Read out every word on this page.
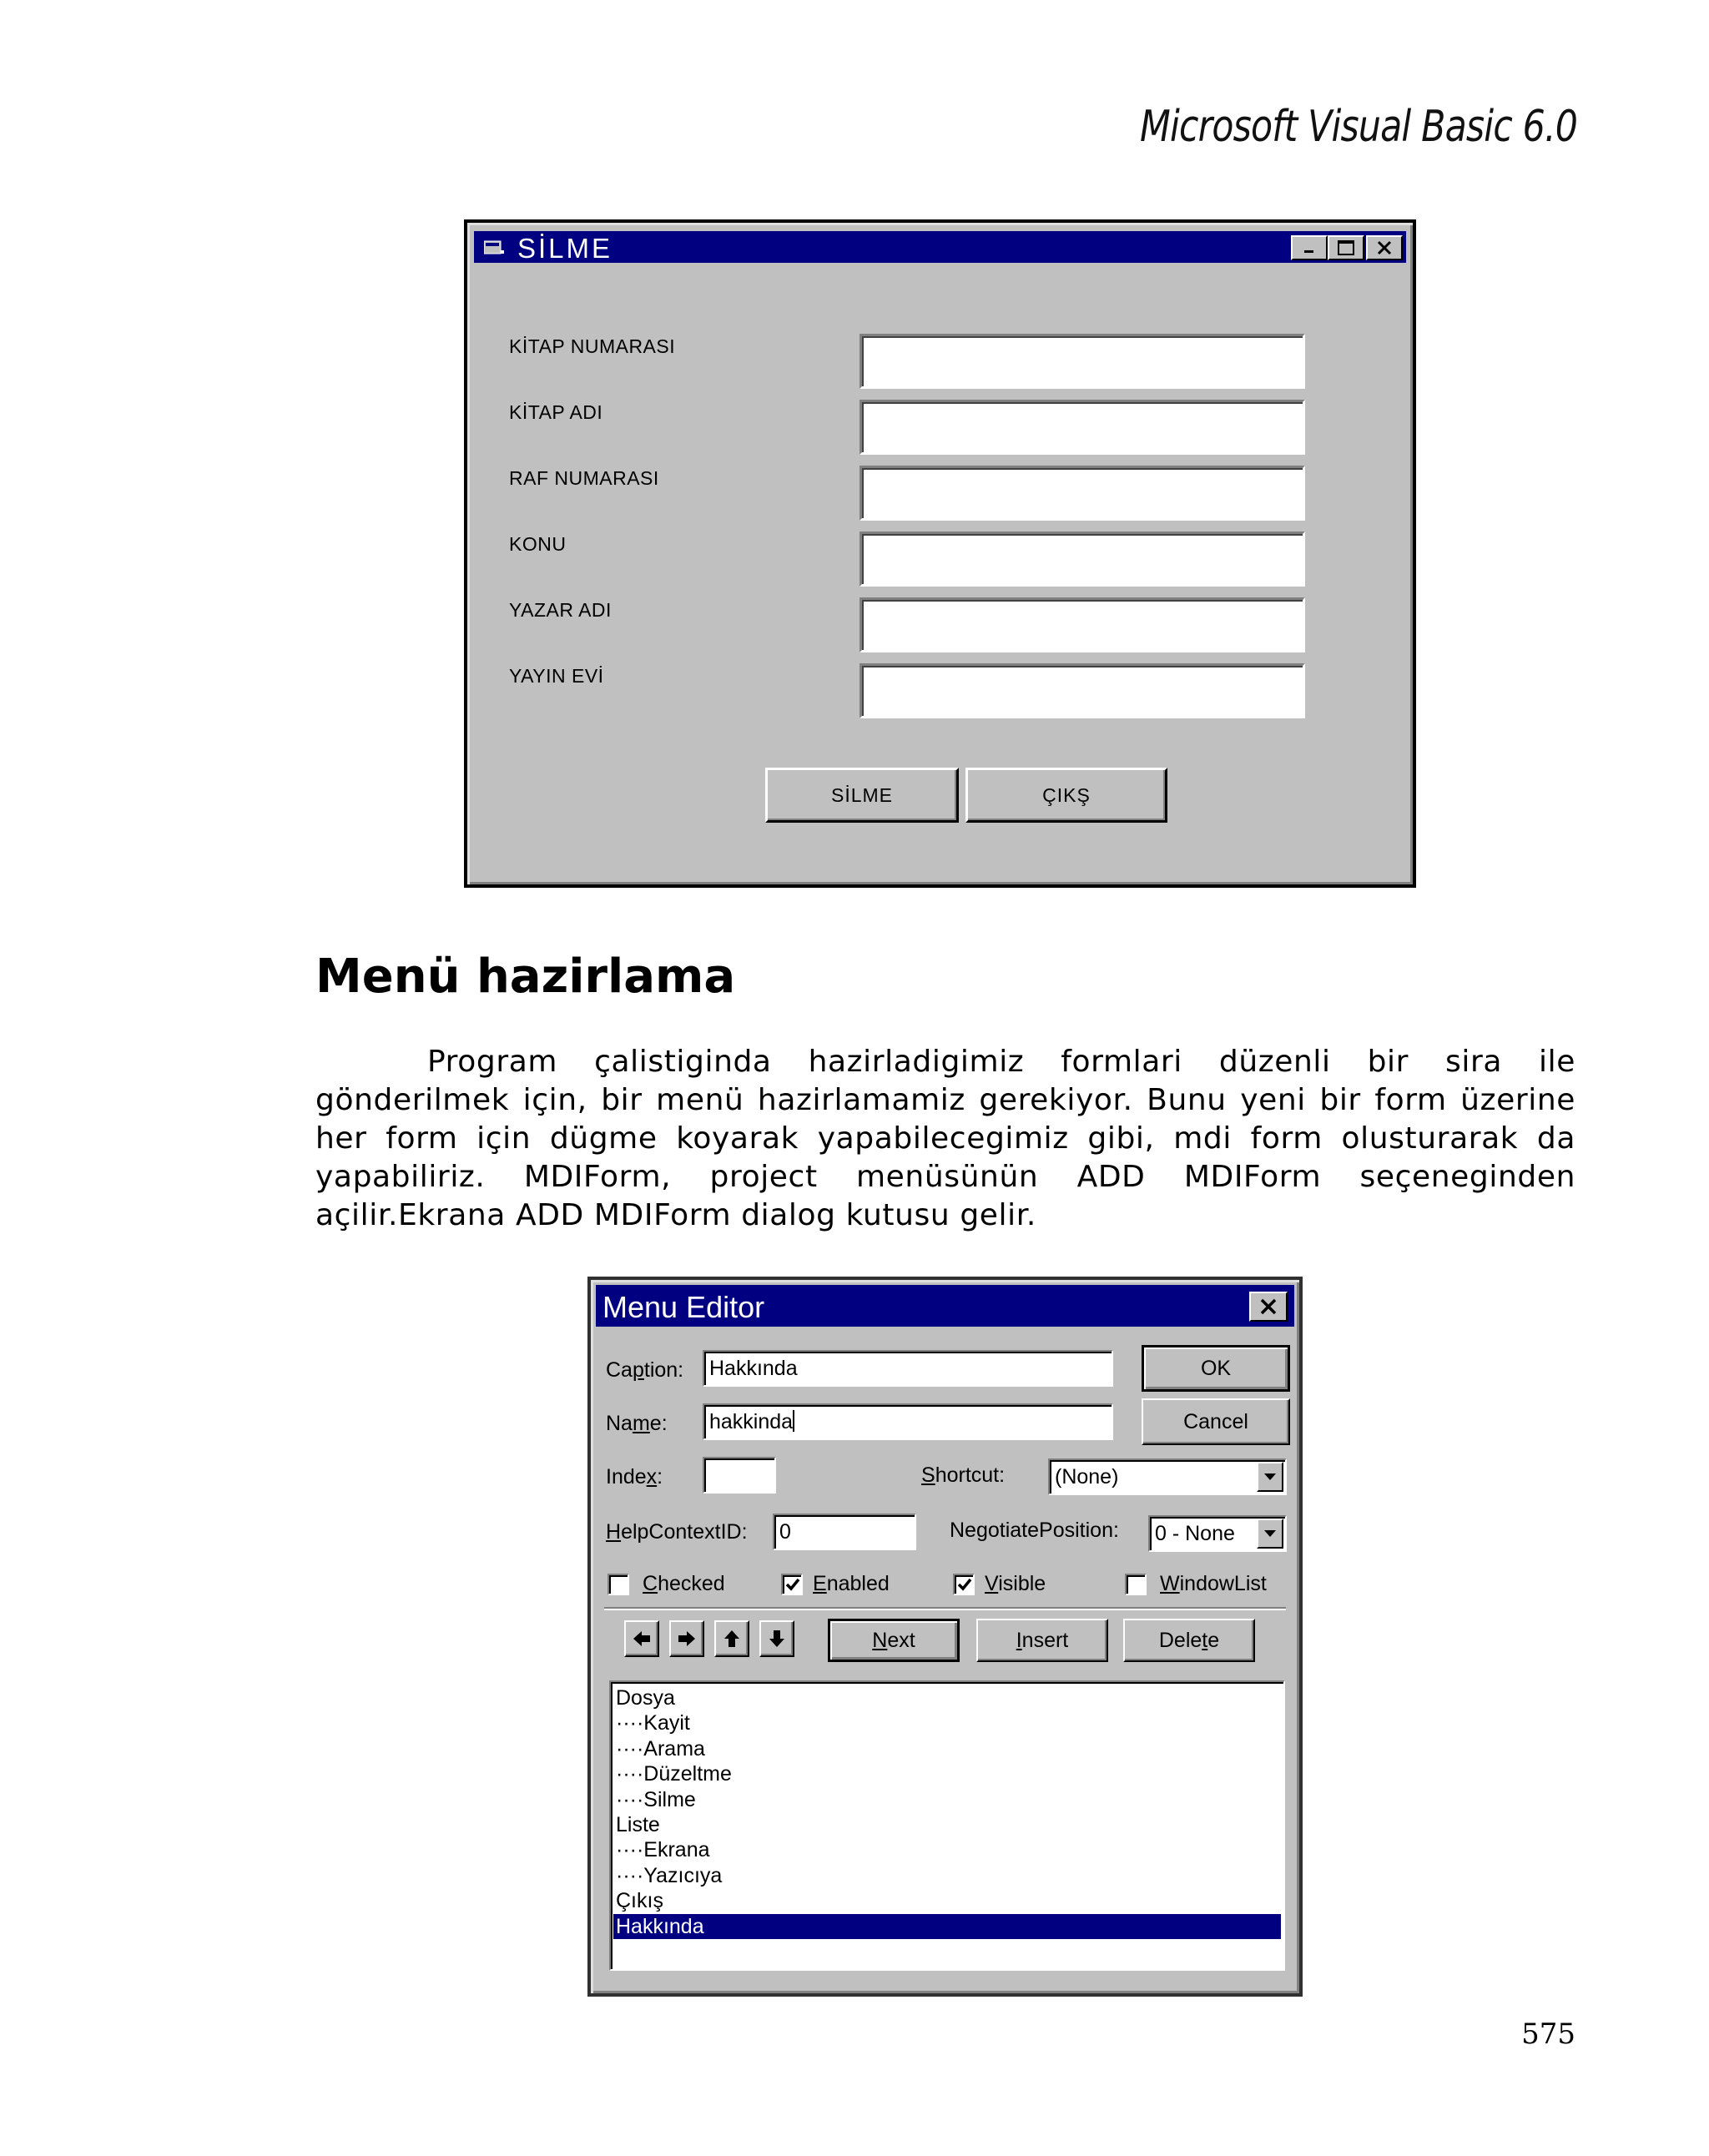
Microsoft Visual Basic 6.0
SİLME
KİTAP NUMARASI
KİTAP ADI
RAF NUMARASI
KONU
YAZAR ADI
YAYIN EVİ
SİLME	ÇIKŞ
Menü hazirlama

Program çalistiginda hazirladigimiz formlari düzenli bir sira ile gönderilmek için, bir menü hazirlamamiz gerekiyor. Bunu yeni bir form üzerine her form için dügme koyarak yapabilecegimiz gibi, mdi form olusturarak da yapabiliriz. MDIForm, project menüsünün ADD MDIForm seçeneginden açilir.Ekrana ADD MDIForm dialog kutusu gelir.

Menu Editor
Caption:	Hakkında	OK
Name:	hakkinda	Cancel
Index:	Shortcut:	(None)
HelpContextID:	0	NegotiatePosition:	0 - None
Checked	Enabled	Visible	WindowList
N ext	I nsert	Dele t e
Dosya
····Kayit
····Arama
····Düzeltme
····Silme
Liste
····Ekrana
····Yazıcıya
Çıkış
Hakkında
575
